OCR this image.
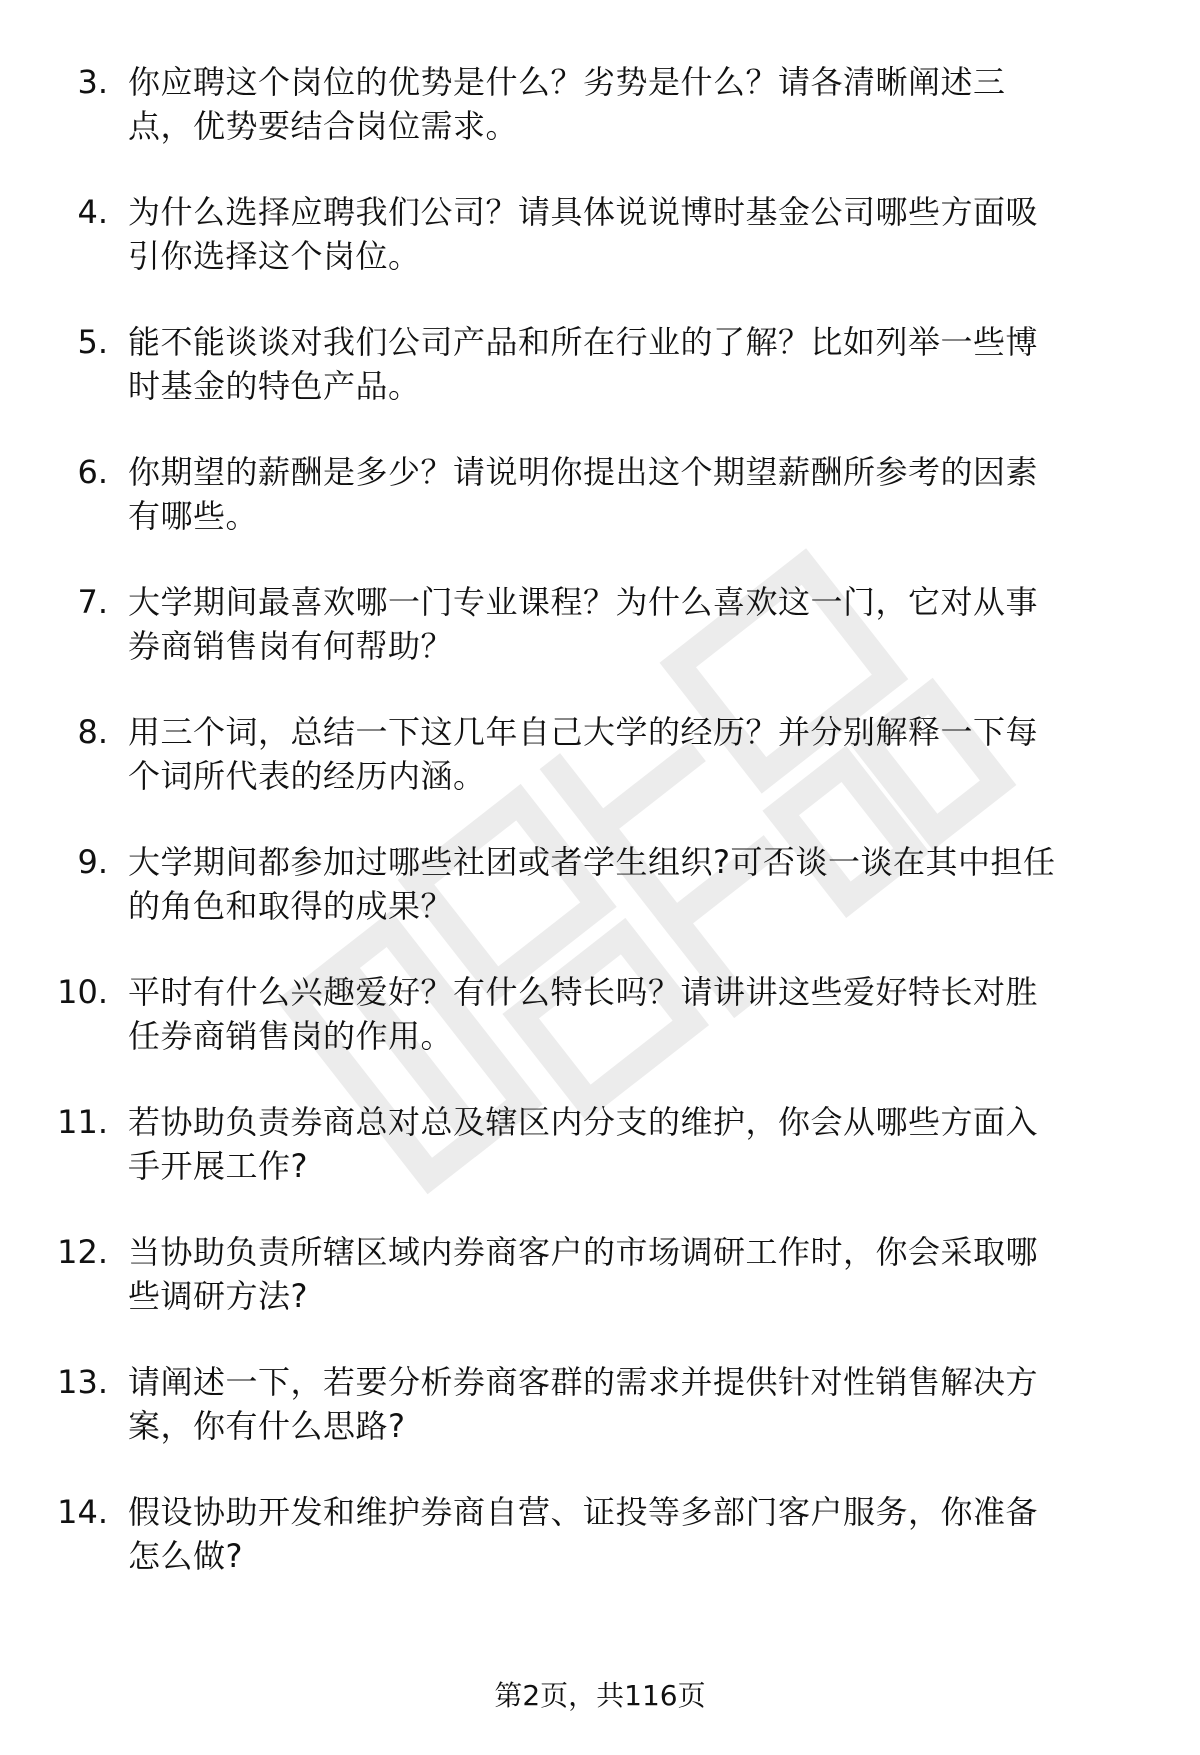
3. 你应聘这个岗位的优势是什么？劣势是什么？请各清晰阐述三
点，优势要结合岗位需求。
4. 为什么选择应聘我们公司？请具体说说博时基金公司哪些方面吸
引你选择这个岗位。
5. 能不能谈谈对我们公司产品和所在行业的了解？比如列举一些博
时基金的特色产品。
6. 你期望的薪酬是多少？请说明你提出这个期望薪酬所参考的因素
有哪些。
7. 大学期间最喜欢哪一门专业课程？为什么喜欢这一门，它对从事
券商销售岗有何帮助？
8. 用三个词，总结一下这几年自己大学的经历？并分别解释一下每
个词所代表的经历内涵。
9. 大学期间都参加过哪些社团或者学生组织?可否谈一谈在其中担任
的角色和取得的成果？
10. 平时有什么兴趣爱好？有什么特长吗？请讲讲这些爱好特长对胜
任券商销售岗的作用。
11. 若协助负责券商总对总及辖区内分支的维护，你会从哪些方面入
手开展工作?
12. 当协助负责所辖区域内券商客户的市场调研工作时，你会采取哪
些调研方法?
13. 请阐述一下，若要分析券商客群的需求并提供针对性销售解决方
案，你有什么思路?
14. 假设协助开发和维护券商自营、证投等多部门客户服务，你准备
怎么做?
第2页，共116页
